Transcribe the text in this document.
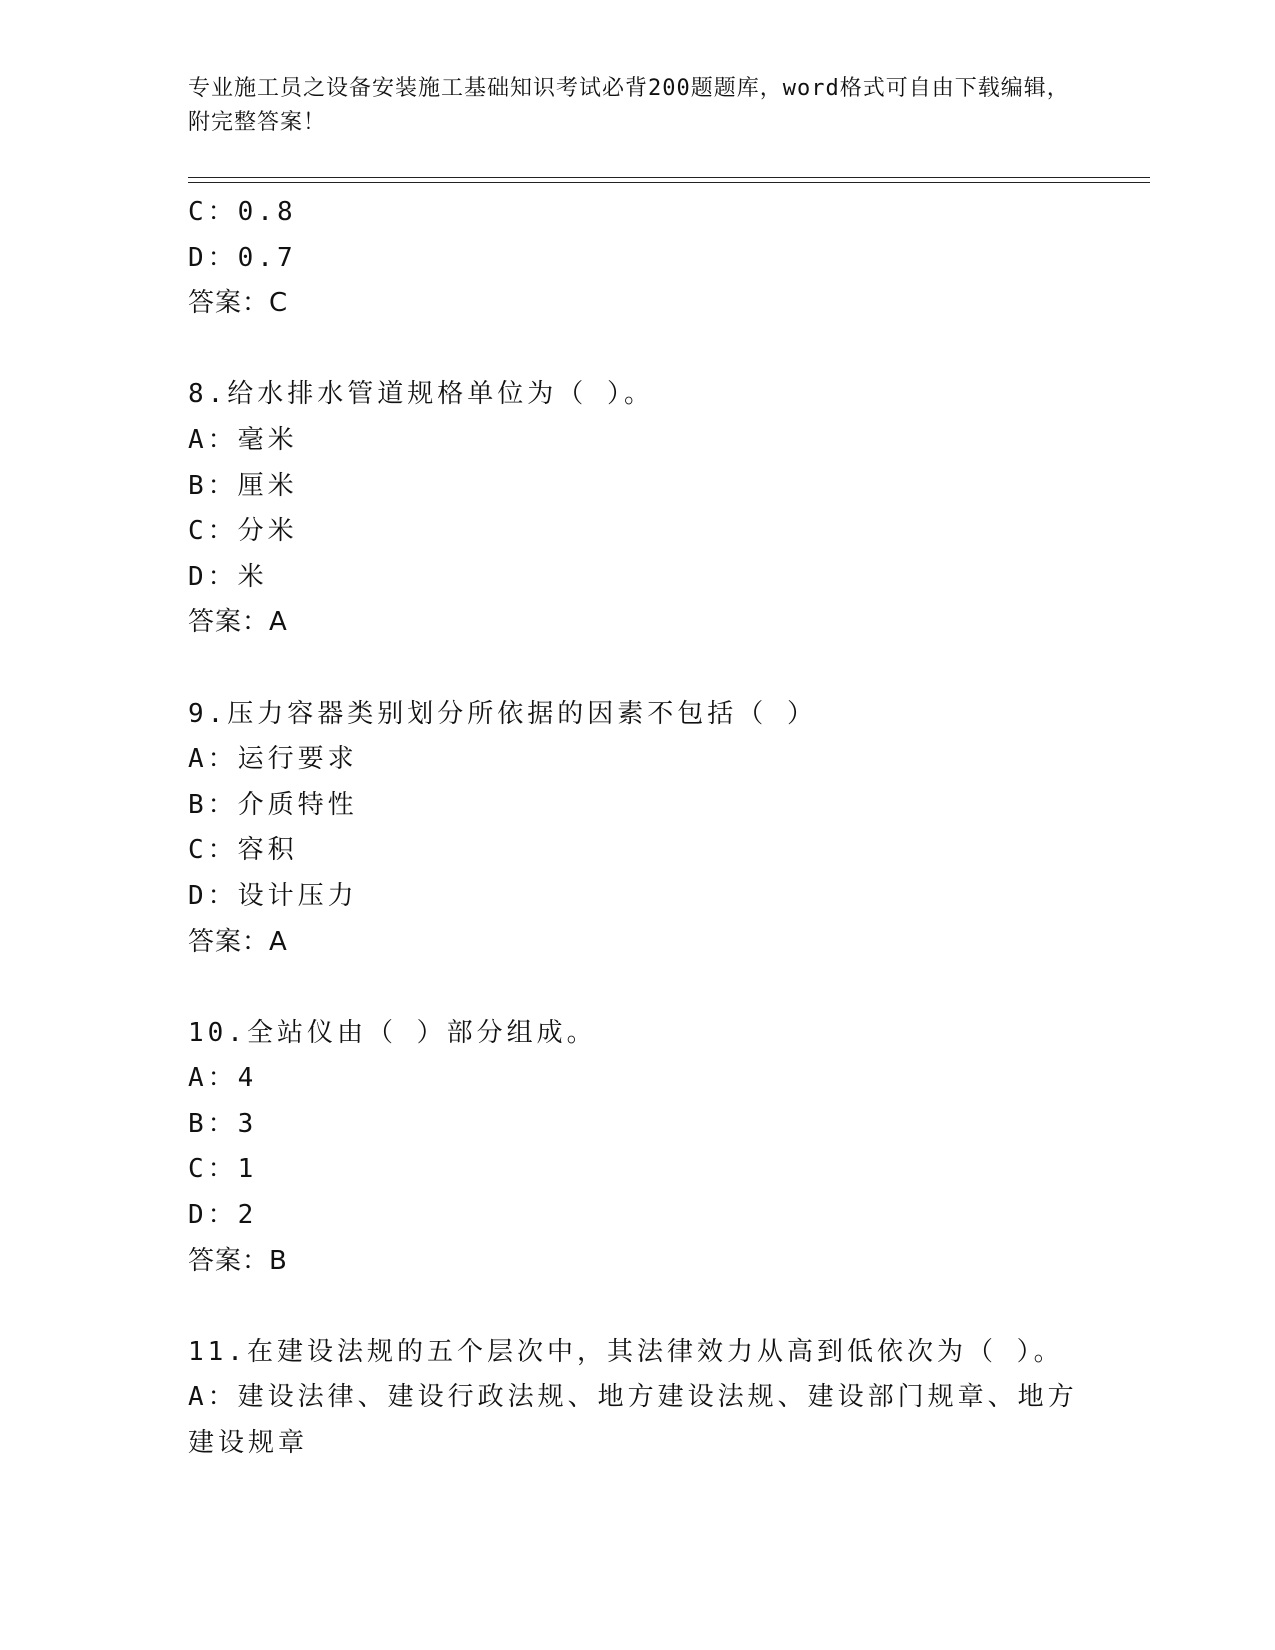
专业施工员之设备安装施工基础知识考试必背200题题库，word格式可自由下载编辑，附完整答案！
C：0.8
D：0.7
答案：C
8.给水排水管道规格单位为（ ）。
A：毫米
B：厘米
C：分米
D：米
答案：A
9.压力容器类别划分所依据的因素不包括（ ）
A：运行要求
B：介质特性
C：容积
D：设计压力
答案：A
10.全站仪由（ ）部分组成。
A：4
B：3
C：1
D：2
答案：B
11.在建设法规的五个层次中，其法律效力从高到低依次为（ ）。
A：建设法律、建设行政法规、地方建设法规、建设部门规章、地方建设规章
